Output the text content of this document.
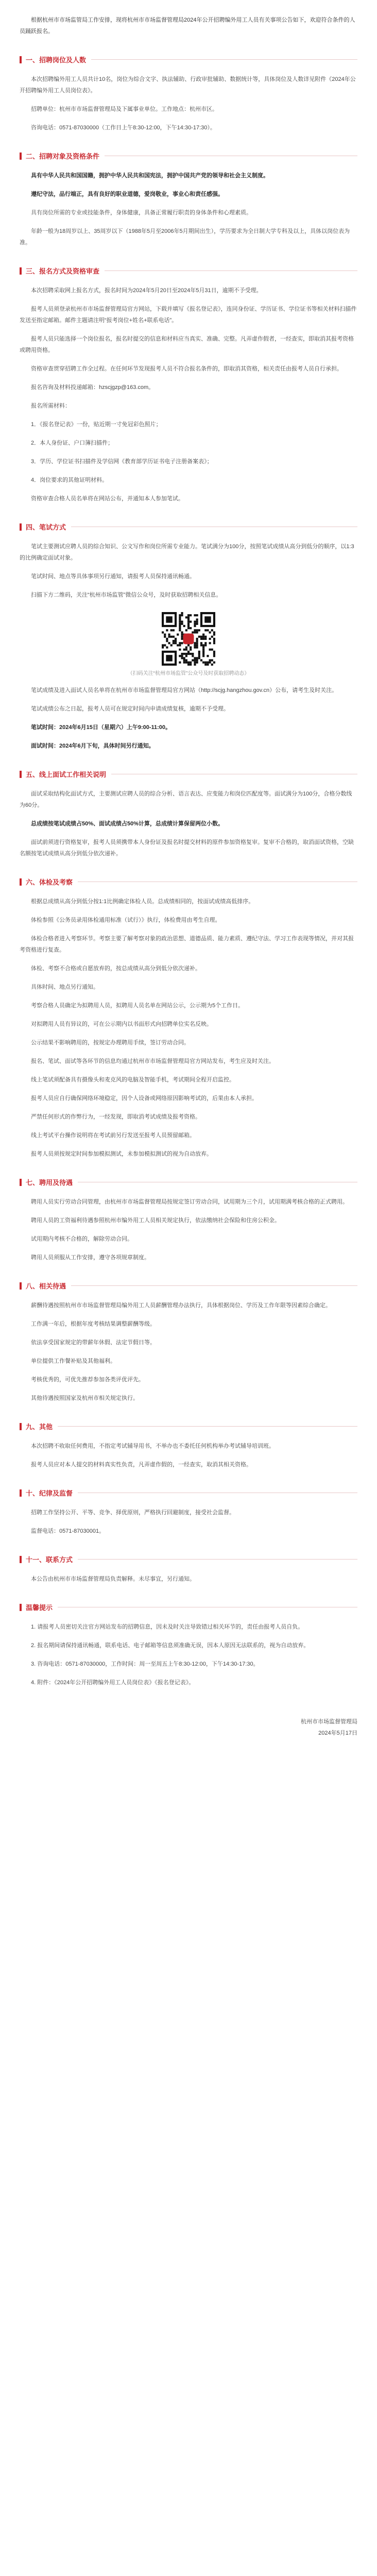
根据杭州市市场监管局工作安排，现将杭州市市场监督管理局2024年公开招聘编外用工人员有关事项公告如下，欢迎符合条件的人员踊跃报名。

一、招聘岗位及人数

本次招聘编外用工人员共计10名，岗位为综合文字、执法辅助、行政审批辅助、数据统计等，具体岗位及人数详见附件《2024年公开招聘编外用工人员岗位表》。

招聘单位：杭州市市场监督管理局及下属事业单位。工作地点：杭州市区。

咨询电话：0571-87030000（工作日上午8:30-12:00，下午14:30-17:30）。

二、招聘对象及资格条件

具有中华人民共和国国籍，拥护中华人民共和国宪法，拥护中国共产党的领导和社会主义制度。

遵纪守法，品行端正，具有良好的职业道德，爱岗敬业，事业心和责任感强。

具有岗位所需的专业或技能条件，身体健康，具备正常履行职责的身体条件和心理素质。

年龄一般为18周岁以上、35周岁以下（1988年5月至2006年5月期间出生），学历要求为全日制大学专科及以上，具体以岗位表为准。

三、报名方式及资格审查

本次招聘采取网上报名方式，报名时间为2024年5月20日至2024年5月31日，逾期不予受理。

报考人员须登录杭州市市场监督管理局官方网站，下载并填写《报名登记表》，连同身份证、学历证书、学位证书等相关材料扫描件发送至指定邮箱。邮件主题请注明“报考岗位+姓名+联系电话”。

报考人员只能选择一个岗位报名，报名时提交的信息和材料应当真实、准确、完整。凡弄虚作假者，一经查实，即取消其报考资格或聘用资格。

资格审查贯穿招聘工作全过程。在任何环节发现报考人员不符合报名条件的，即取消其资格，相关责任由报考人员自行承担。

报名咨询及材料投递邮箱：hzscjgzp@163.com。

报名所需材料：

1．《报名登记表》一份，贴近期一寸免冠彩色照片；

2．本人身份证、户口簿扫描件；

3．学历、学位证书扫描件及学信网《教育部学历证书电子注册备案表》；

4．岗位要求的其他证明材料。

资格审查合格人员名单将在网站公布，并通知本人参加笔试。

四、笔试方式

笔试主要测试应聘人员的综合知识、公文写作和岗位所需专业能力。笔试满分为100分，按照笔试成绩从高分到低分的顺序，以1:3的比例确定面试对象。

笔试时间、地点等具体事项另行通知，请报考人员保持通讯畅通。

扫描下方二维码，关注“杭州市场监管”微信公众号，及时获取招聘相关信息。

（扫码关注“杭州市场监管”公众号及时获取招聘动态）

笔试成绩及进入面试人员名单将在杭州市市场监督管理局官方网站（http://scjg.hangzhou.gov.cn）公布，请考生及时关注。

笔试成绩公布之日起，报考人员可在规定时间内申请成绩复核，逾期不予受理。

笔试时间：2024年6月15日（星期六）上午9:00-11:00。

面试时间：2024年6月下旬，具体时间另行通知。

五、线上面试工作相关说明

面试采取结构化面试方式，主要测试应聘人员的综合分析、语言表达、应变能力和岗位匹配度等。面试满分为100分，合格分数线为60分。

总成绩按笔试成绩占50%、面试成绩占50%计算，总成绩计算保留两位小数。

面试前须进行资格复审，报考人员须携带本人身份证及报名时提交材料的原件参加资格复审。复审不合格的，取消面试资格，空缺名额按笔试成绩从高分到低分依次递补。

六、体检及考察

根据总成绩从高分到低分按1:1比例确定体检人员。总成绩相同的，按面试成绩高低排序。

体检参照《公务员录用体检通用标准（试行）》执行，体检费用由考生自理。

体检合格者进入考察环节。考察主要了解考察对象的政治思想、道德品质、能力素质、遵纪守法、学习工作表现等情况，并对其报考资格进行复查。

体检、考察不合格或自愿放弃的，按总成绩从高分到低分依次递补。

具体时间、地点另行通知。

考察合格人员确定为拟聘用人员，拟聘用人员名单在网站公示，公示期为5个工作日。

对拟聘用人员有异议的，可在公示期内以书面形式向招聘单位实名反映。

公示结果不影响聘用的，按规定办理聘用手续，签订劳动合同。

报名、笔试、面试等各环节的信息均通过杭州市市场监督管理局官方网站发布，考生应及时关注。

线上笔试须配备具有摄像头和麦克风的电脑及智能手机，考试期间全程开启监控。

报考人员应自行确保网络环境稳定，因个人设备或网络原因影响考试的，后果由本人承担。

严禁任何形式的作弊行为，一经发现，即取消考试成绩及报考资格。

线上考试平台操作说明将在考试前另行发送至报考人员预留邮箱。

报考人员须按规定时间参加模拟测试，未参加模拟测试的视为自动放弃。

七、聘用及待遇

聘用人员实行劳动合同管理，由杭州市市场监督管理局按规定签订劳动合同，试用期为三个月，试用期满考核合格的正式聘用。

聘用人员的工资福利待遇参照杭州市编外用工人员相关规定执行，依法缴纳社会保险和住房公积金。

试用期内考核不合格的，解除劳动合同。

聘用人员须服从工作安排，遵守各项规章制度。

八、相关待遇

薪酬待遇按照杭州市市场监督管理局编外用工人员薪酬管理办法执行，具体根据岗位、学历及工作年限等因素综合确定。

工作满一年后，根据年度考核结果调整薪酬等级。

依法享受国家规定的带薪年休假、法定节假日等。

单位提供工作餐补贴及其他福利。

考核优秀的，可优先推荐参加各类评优评先。

其他待遇按照国家及杭州市相关规定执行。

九、其他

本次招聘不收取任何费用，不指定考试辅导用书，不举办也不委托任何机构举办考试辅导培训班。

报考人员应对本人提交的材料真实性负责，凡弄虚作假的，一经查实，取消其相关资格。

十、纪律及监督

招聘工作坚持公开、平等、竞争、择优原则，严格执行回避制度，接受社会监督。

监督电话：0571-87030001。

十一、联系方式

本公告由杭州市市场监督管理局负责解释。未尽事宜，另行通知。

温馨提示

1. 请报考人员密切关注官方网站发布的招聘信息，因未及时关注导致错过相关环节的，责任由报考人员自负。

2. 报名期间请保持通讯畅通，联系电话、电子邮箱等信息须准确无误，因本人原因无法联系的，视为自动放弃。

3. 咨询电话：0571-87030000，工作时间：周一至周五上午8:30-12:00，下午14:30-17:30。

4. 附件：《2024年公开招聘编外用工人员岗位表》《报名登记表》。

杭州市市场监督管理局
2024年5月17日
